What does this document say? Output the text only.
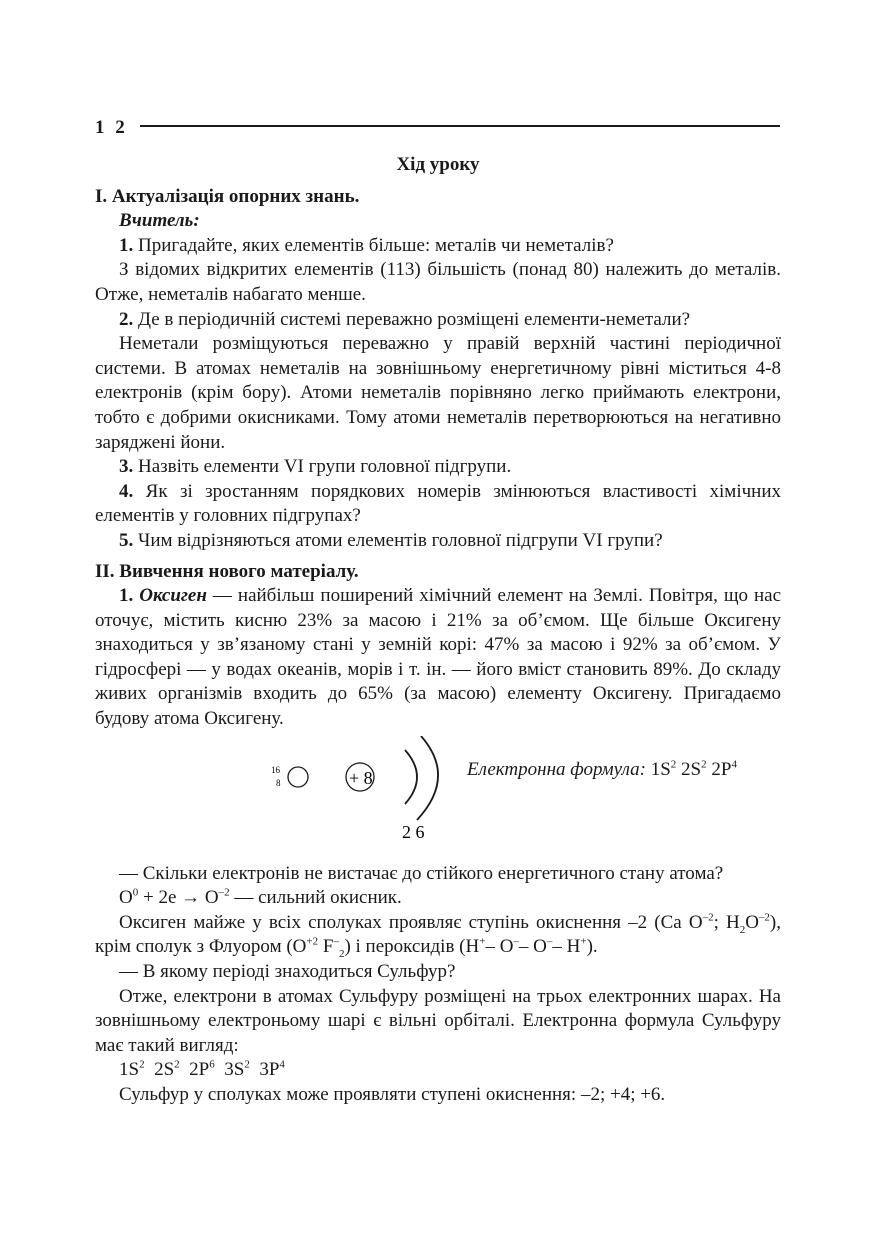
1 2
Хід уроку

І. Актуалізація опорних знань.

Вчитель:

1. Пригадайте, яких елементів більше: металів чи неметалів?

З відомих відкритих елементів (113) більшість (понад 80) належить до металів. Отже, неметалів набагато менше.

2. Де в періодичній системі переважно розміщені елементи-неметали?

Неметали розміщуються переважно у правій верхній частині періодичної системи. В атомах неметалів на зовнішньому енергетичному рівні міститься 4-8 електронів (крім бору). Атоми неметалів порівняно легко приймають електрони, тобто є добрими окисниками. Тому атоми неметалів перетворюються на негативно заряджені йони.

3. Назвіть елементи VI групи головної підгрупи.

4. Як зі зростанням порядкових номерів змінюються властивості хімічних елементів у головних підгрупах?

5. Чим відрізняються атоми елементів головної підгрупи VI групи?

ІІ. Вивчення нового матеріалу.

1. Оксиген — найбільш поширений хімічний елемент на Землі. Повітря, що нас оточує, містить кисню 23% за масою і 21% за об’ємом. Ще більше Оксигену знаходиться у зв’язаному стані у земній корі: 47% за масою і 92% за об’ємом. У гідросфері — у водах океанів, морів і т. ін. — його вміст становить 89%. До складу живих організмів входить до 65% (за масою) елементу Оксигену. Пригадаємо будову атома Оксигену.

16
8	+ 8
2 6
Електронна формула: $1S^2$ $2S^2$ $2P^4$

— Скільки електронів не вистачає до стійкого енергетичного стану атома?

$O^0 + 2e \to O^{-2}$ — сильний окисник.

Оксиген майже у всіх сполуках проявляє ступінь окиснення –2 (Ca $O^{-2}$; $H_2O^{-2}$), крім сполук з Флуором ($O^{+2}$ $F^-_2$) і пероксидів (H+– O–– O–– H+).

— В якому періоді знаходиться Сульфур?

Отже, електрони в атомах Сульфуру розміщені на трьох електронних шарах. На зовнішньому електроньому шарі є вільні орбіталі. Електронна формула Сульфуру має такий вигляд:

$1S^2$  $2S^2$  $2P^6$  $3S^2$  $3P^4$

Сульфур у сполуках може проявляти ступені окиснення: –2; +4; +6.
